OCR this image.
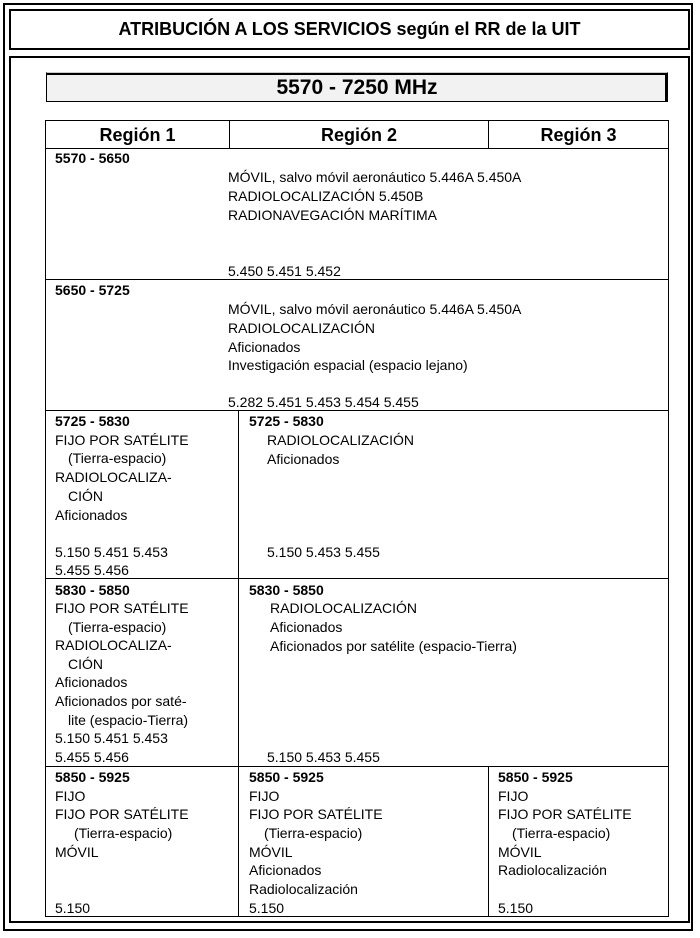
ATRIBUCIÓN A LOS SERVICIOS según el RR de la UIT
5570 - 7250 MHz
Región 1	Región 2	Región 3
5570 - 5650
MÓVIL, salvo móvil aeronáutico 5.446A 5.450A
RADIOLOCALIZACIÓN 5.450B
RADIONAVEGACIÓN MARÍTIMA
5.450 5.451 5.452
5650 - 5725
MÓVIL, salvo móvil aeronáutico 5.446A 5.450A
RADIOLOCALIZACIÓN
Aficionados
Investigación espacial (espacio lejano)
5.282 5.451 5.453 5.454 5.455
5725 - 5830
FIJO POR SATÉLITE
(Tierra-espacio)
RADIOLOCALIZA-
CIÓN
Aficionados
5.150 5.451 5.453
5.455 5.456
5725 - 5830
RADIOLOCALIZACIÓN
Aficionados
5.150 5.453 5.455
5830 - 5850
FIJO POR SATÉLITE
(Tierra-espacio)
RADIOLOCALIZA-
CIÓN
Aficionados
Aficionados por saté-
lite (espacio-Tierra)
5.150 5.451 5.453
5.455 5.456
5830 - 5850
RADIOLOCALIZACIÓN
Aficionados
Aficionados por satélite (espacio-Tierra)
5.150 5.453 5.455
5850 - 5925
FIJO
FIJO POR SATÉLITE
(Tierra-espacio)
MÓVIL
5.150
5850 - 5925
FIJO
FIJO POR SATÉLITE
(Tierra-espacio)
MÓVIL
Aficionados
Radiolocalización
5.150
5850 - 5925
FIJO
FIJO POR SATÉLITE
(Tierra-espacio)
MÓVIL
Radiolocalización
5.150
